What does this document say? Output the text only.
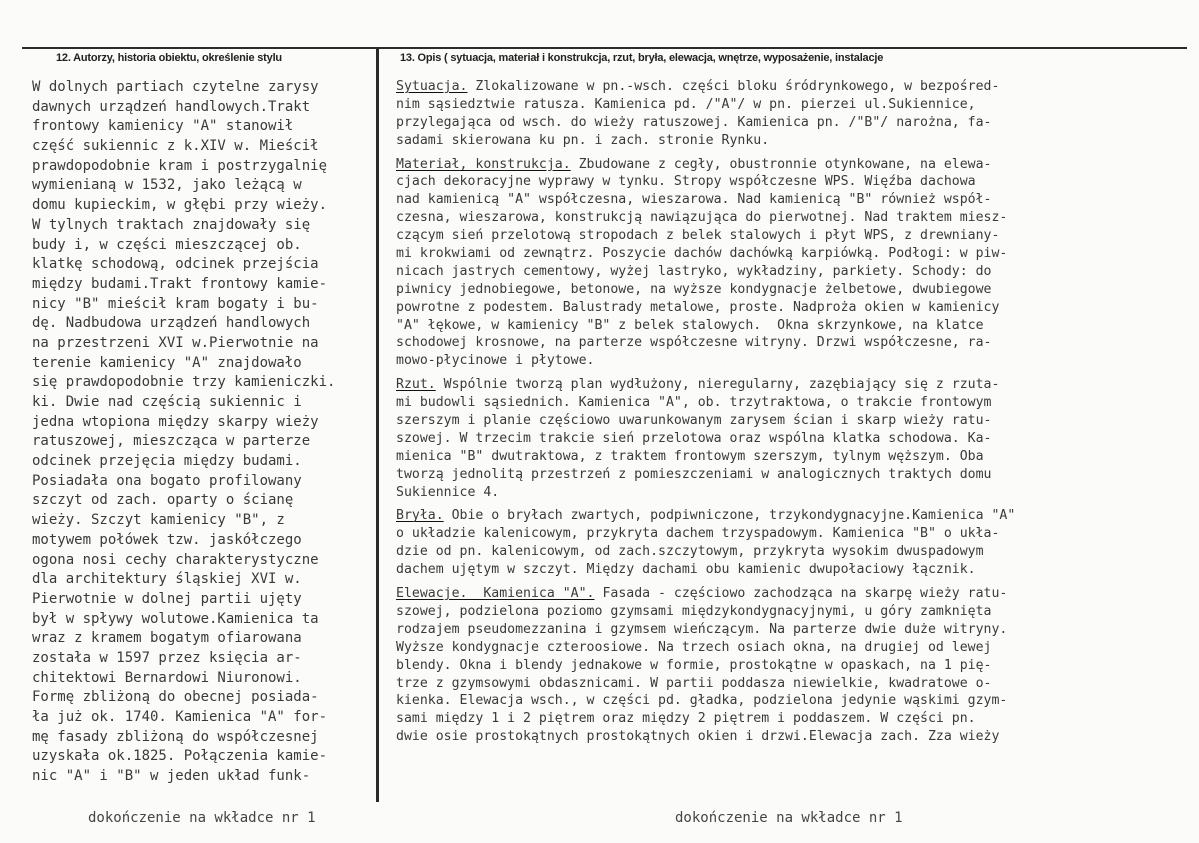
12. Autorzy, historia obiektu, określenie stylu	13. Opis ( sytuacja, materiał i konstrukcja, rzut, bryła, elewacja, wnętrze, wyposażenie, instalacje
W dolnych partiach czytelne zarysy
dawnych urządzeń handlowych.Trakt
frontowy kamienicy "A" stanowił
część sukiennic z k.XIV w. Mieścił
prawdopodobnie kram i postrzygalnię
wymienianą w 1532, jako leżącą w
domu kupieckim, w głębi przy wieży.
W tylnych traktach znajdowały się
budy i, w części mieszczącej ob.
klatkę schodową, odcinek przejścia
między budami.Trakt frontowy kamie-
nicy "B" mieścił kram bogaty i bu-
dę. Nadbudowa urządzeń handlowych
na przestrzeni XVI w.Pierwotnie na
terenie kamienicy "A" znajdowało
się prawdopodobnie trzy kamieniczki.
ki. Dwie nad częścią sukiennic i
jedna wtopiona między skarpy wieży
ratuszowej, mieszcząca w parterze
odcinek przejęcia między budami.
Posiadała ona bogato profilowany
szczyt od zach. oparty o ścianę
wieży. Szczyt kamienicy "B", z
motywem połówek tzw. jaskółczego
ogona nosi cechy charakterystyczne
dla architektury śląskiej XVI w.
Pierwotnie w dolnej partii ujęty
był w spływy wolutowe.Kamienica ta
wraz z kramem bogatym ofiarowana
została w 1597 przez księcia ar-
chitektowi Bernardowi Niuronowi.
Formę zbliżoną do obecnej posiada-
ła już ok. 1740. Kamienica "A" for-
mę fasady zbliżoną do współczesnej
uzyskała ok.1825. Połączenia kamie-
nic "A" i "B" w jeden układ funk-
Sytuacja. Zlokalizowane w pn.-wsch. części bloku śródrynkowego, w bezpośred-
nim sąsiedztwie ratusza. Kamienica pd. /"A"/ w pn. pierzei ul.Sukiennice,
przylegająca od wsch. do wieży ratuszowej. Kamienica pn. /"B"/ narożna, fa-
sadami skierowana ku pn. i zach. stronie Rynku.
Materiał, konstrukcja. Zbudowane z cegły, obustronnie otynkowane, na elewa-
cjach dekoracyjne wyprawy w tynku. Stropy współczesne WPS. Więźba dachowa
nad kamienicą "A" współczesna, wieszarowa. Nad kamienicą "B" również współ-
czesna, wieszarowa, konstrukcją nawiązująca do pierwotnej. Nad traktem miesz-
czącym sień przelotową stropodach z belek stalowych i płyt WPS, z drewniany-
mi krokwiami od zewnątrz. Poszycie dachów dachówką karpiówką. Podłogi: w piw-
nicach jastrych cementowy, wyżej lastryko, wykładziny, parkiety. Schody: do
piwnicy jednobiegowe, betonowe, na wyższe kondygnacje żelbetowe, dwubiegowe
powrotne z podestem. Balustrady metalowe, proste. Nadproża okien w kamienicy
"A" łękowe, w kamienicy "B" z belek stalowych.  Okna skrzynkowe, na klatce
schodowej krosnowe, na parterze współczesne witryny. Drzwi współczesne, ra-
mowo-płycinowe i płytowe.
Rzut. Wspólnie tworzą plan wydłużony, nieregularny, zazębiający się z rzuta-
mi budowli sąsiednich. Kamienica "A", ob. trzytraktowa, o trakcie frontowym
szerszym i planie częściowo uwarunkowanym zarysem ścian i skarp wieży ratu-
szowej. W trzecim trakcie sień przelotowa oraz wspólna klatka schodowa. Ka-
mienica "B" dwutraktowa, z traktem frontowym szerszym, tylnym węższym. Oba
tworzą jednolitą przestrzeń z pomieszczeniami w analogicznych traktych domu
Sukiennice 4.
Bryła. Obie o bryłach zwartych, podpiwniczone, trzykondygnacyjne.Kamienica "A"
o układzie kalenicowym, przykryta dachem trzyspadowym. Kamienica "B" o ukła-
dzie od pn. kalenicowym, od zach.szczytowym, przykryta wysokim dwuspadowym
dachem ujętym w szczyt. Między dachami obu kamienic dwupołaciowy łącznik.
Elewacje.  Kamienica "A". Fasada - częściowo zachodząca na skarpę wieży ratu-
szowej, podzielona poziomo gzymsami międzykondygnacyjnymi, u góry zamknięta
rodzajem pseudomezzanina i gzymsem wieńczącym. Na parterze dwie duże witryny.
Wyższe kondygnacje czteroosiowe. Na trzech osiach okna, na drugiej od lewej
blendy. Okna i blendy jednakowe w formie, prostokątne w opaskach, na 1 pię-
trze z gzymsowymi obdasznicami. W partii poddasza niewielkie, kwadratowe o-
kienka. Elewacja wsch., w części pd. gładka, podzielona jedynie wąskimi gzym-
sami między 1 i 2 piętrem oraz między 2 piętrem i poddaszem. W części pn.
dwie osie prostokątnych prostokątnych okien i drzwi.Elewacja zach. Zza wieży
dokończenie na wkładce nr 1	dokończenie na wkładce nr 1
